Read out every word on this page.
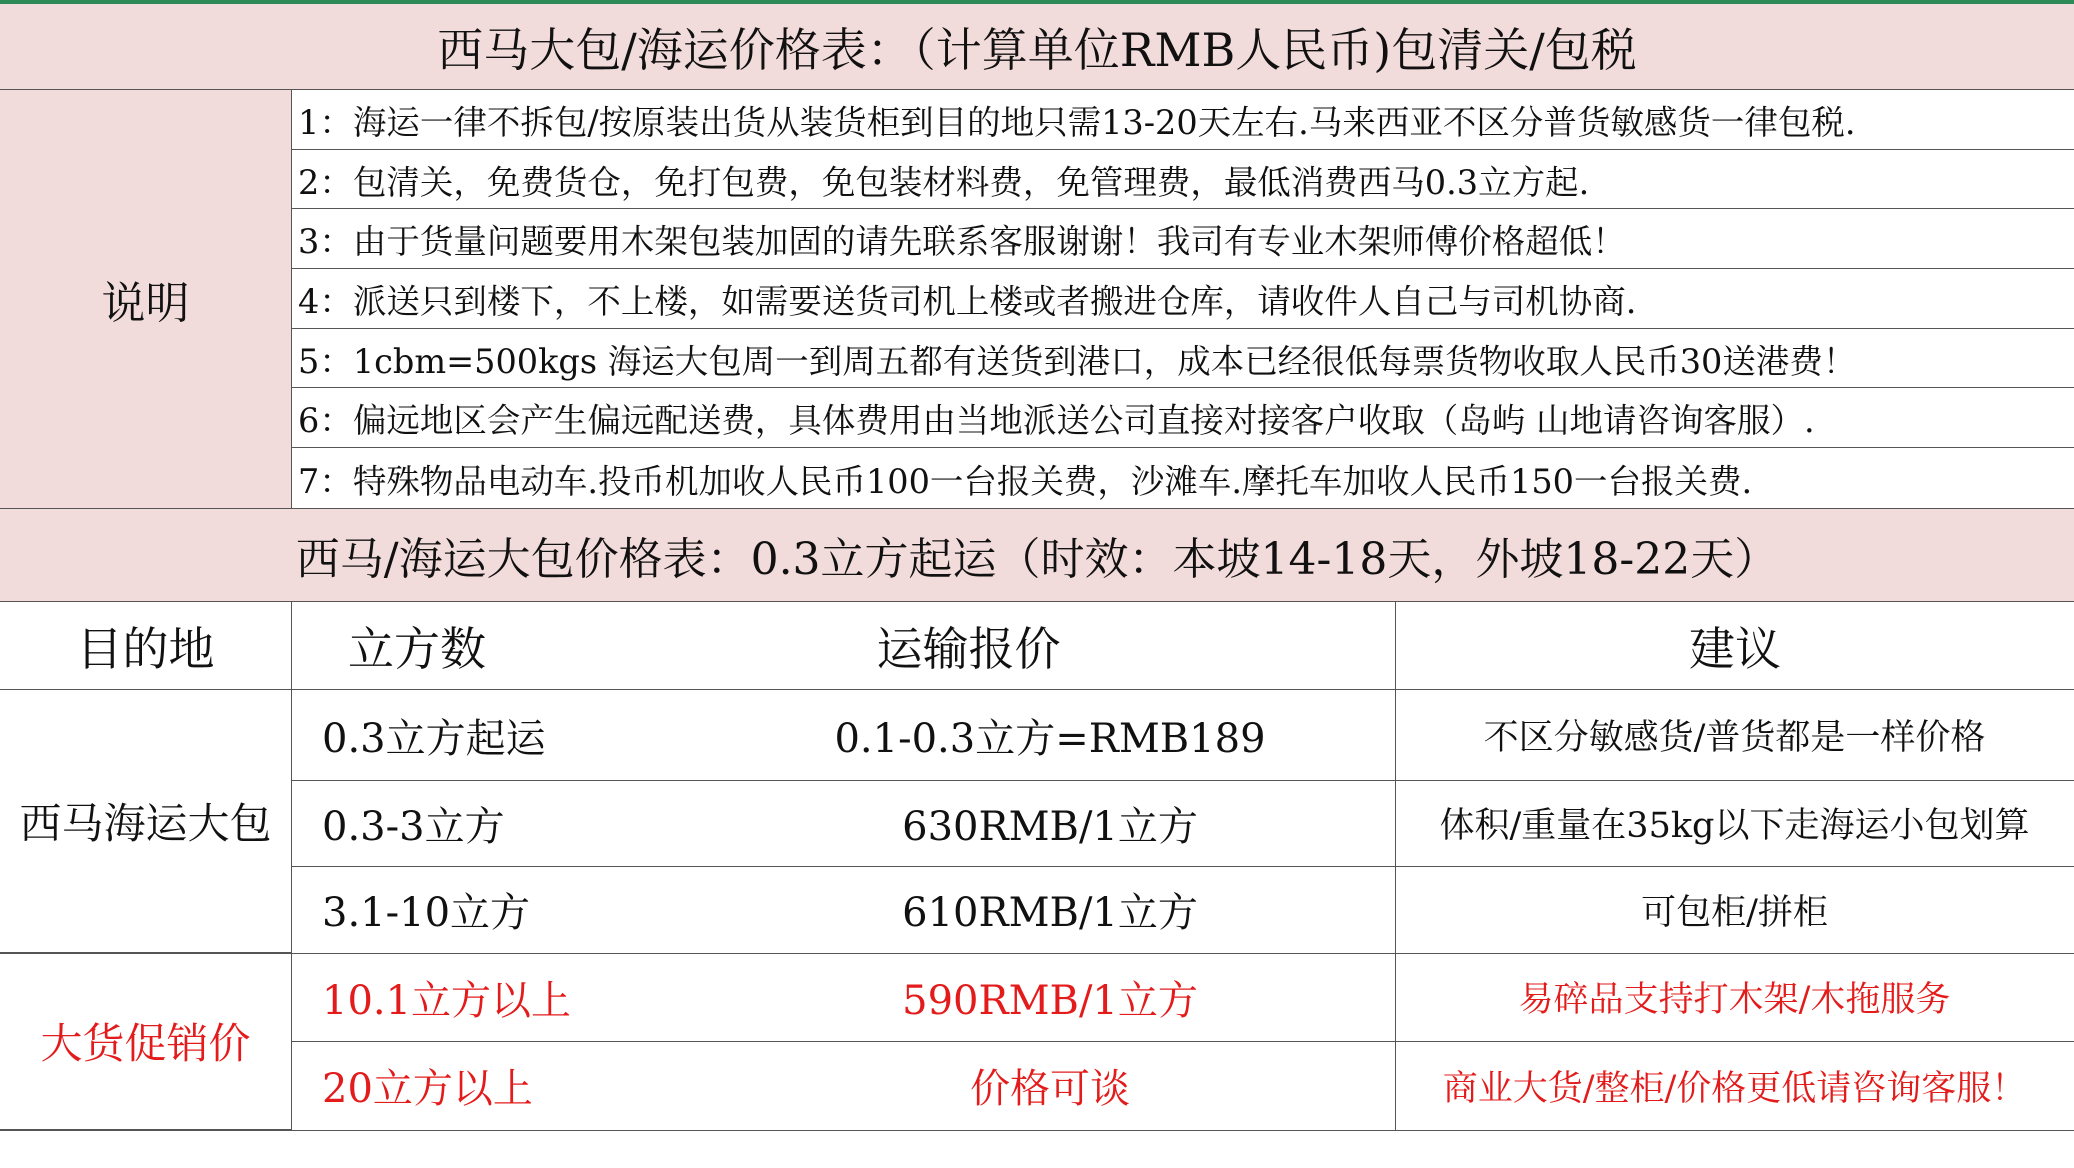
西马大包/海运价格表：（计算单位RMB人民币)包清关/包税
说明
1：海运一律不拆包/按原装出货从装货柜到目的地只需13-20天左右.马来西亚不区分普货敏感货一律包税.
2：包清关，免费货仓，免打包费，免包装材料费，免管理费，最低消费西马0.3立方起.
3：由于货量问题要用木架包装加固的请先联系客服谢谢！我司有专业木架师傅价格超低！
4：派送只到楼下，不上楼，如需要送货司机上楼或者搬进仓库，请收件人自己与司机协商.
5：1cbm=500kgs 海运大包周一到周五都有送货到港口，成本已经很低每票货物收取人民币30送港费！
6：偏远地区会产生偏远配送费，具体费用由当地派送公司直接对接客户收取（岛屿 山地请咨询客服）.
7：特殊物品电动车.投币机加收人民币100一台报关费，沙滩车.摩托车加收人民币150一台报关费.
西马/海运大包价格表：0.3立方起运（时效：本坡14-18天，外坡18-22天）
目的地	立方数	运输报价	建议
西马海运大包
0.3立方起运	0.1-0.3立方=RMB189	不区分敏感货/普货都是一样价格
0.3-3立方	630RMB/1立方	体积/重量在35kg以下走海运小包划算
3.1-10立方	610RMB/1立方	可包柜/拼柜
大货促销价
10.1立方以上	590RMB/1立方	易碎品支持打木架/木拖服务
20立方以上	价格可谈	商业大货/整柜/价格更低请咨询客服！
